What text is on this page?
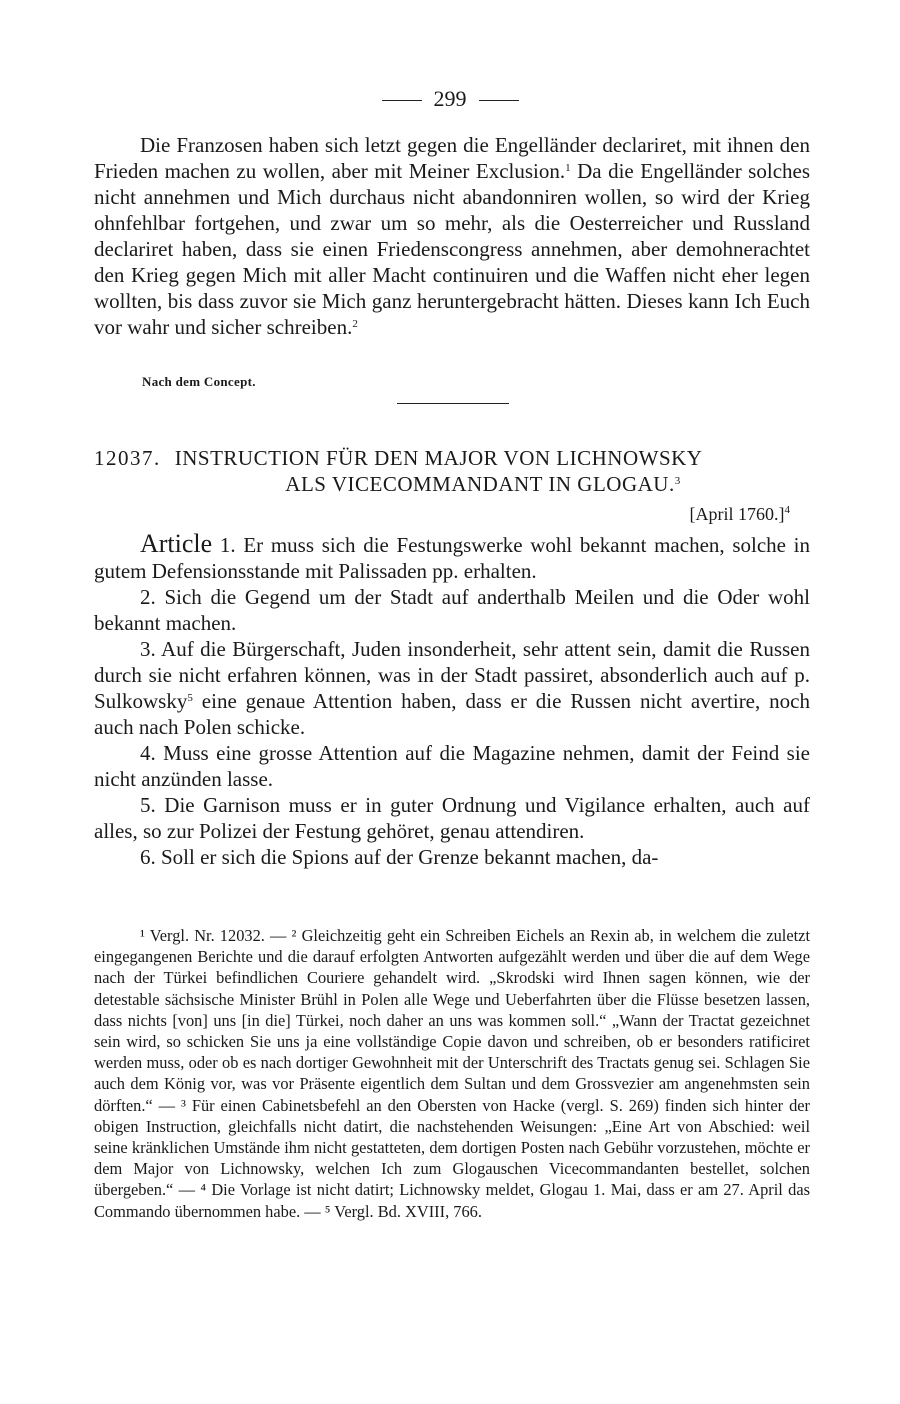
299
Die Franzosen haben sich letzt gegen die Engelländer declariret, mit ihnen den Frieden machen zu wollen, aber mit Meiner Exclusion.$^1$ Da die Engelländer solches nicht annehmen und Mich durchaus nicht abandonniren wollen, so wird der Krieg ohnfehlbar fortgehen, und zwar um so mehr, als die Oesterreicher und Russland declariret haben, dass sie einen Friedenscongress annehmen, aber demohnerachtet den Krieg gegen Mich mit aller Macht continuiren und die Waffen nicht eher legen wollten, bis dass zuvor sie Mich ganz heruntergebracht hätten. Dieses kann Ich Euch vor wahr und sicher schreiben.$^2$
Nach dem Concept.
12037. INSTRUCTION FÜR DEN MAJOR VON LICHNOWSKY
ALS VICECOMMANDANT IN GLOGAU.$^3$
[April 1760.]$^4$

Article 1. Er muss sich die Festungswerke wohl bekannt machen, solche in gutem Defensionsstande mit Palissaden pp. erhalten.

2. Sich die Gegend um der Stadt auf anderthalb Meilen und die Oder wohl bekannt machen.

3. Auf die Bürgerschaft, Juden insonderheit, sehr attent sein, damit die Russen durch sie nicht erfahren können, was in der Stadt passiret, absonderlich auch auf p. Sulkowsky$^5$ eine genaue Attention haben, dass er die Russen nicht avertire, noch auch nach Polen schicke.

4. Muss eine grosse Attention auf die Magazine nehmen, damit der Feind sie nicht anzünden lasse.

5. Die Garnison muss er in guter Ordnung und Vigilance erhalten, auch auf alles, so zur Polizei der Festung gehöret, genau attendiren.

6. Soll er sich die Spions auf der Grenze bekannt machen, da-

¹ Vergl. Nr. 12032. — ² Gleichzeitig geht ein Schreiben Eichels an Rexin ab, in welchem die zuletzt eingegangenen Berichte und die darauf erfolgten Antworten aufgezählt werden und über die auf dem Wege nach der Türkei befindlichen Couriere gehandelt wird. „Skrodski wird Ihnen sagen können, wie der detestable sächsische Minister Brühl in Polen alle Wege und Ueberfahrten über die Flüsse besetzen lassen, dass nichts [von] uns [in die] Türkei, noch daher an uns was kommen soll.“ „Wann der Tractat gezeichnet sein wird, so schicken Sie uns ja eine vollständige Copie davon und schreiben, ob er besonders ratificiret werden muss, oder ob es nach dortiger Gewohnheit mit der Unterschrift des Tractats genug sei. Schlagen Sie auch dem König vor, was vor Präsente eigentlich dem Sultan und dem Grossvezier am angenehmsten sein dörften.“ — ³ Für einen Cabinetsbefehl an den Obersten von Hacke (vergl. S. 269) finden sich hinter der obigen Instruction, gleichfalls nicht datirt, die nachstehenden Weisungen: „Eine Art von Abschied: weil seine kränklichen Umstände ihm nicht gestatteten, dem dortigen Posten nach Gebühr vorzustehen, möchte er dem Major von Lichnowsky, welchen Ich zum Glogauschen Vicecommandanten bestellet, solchen übergeben.“ — ⁴ Die Vorlage ist nicht datirt; Lichnowsky meldet, Glogau 1. Mai, dass er am 27. April das Commando übernommen habe. — ⁵ Vergl. Bd. XVIII, 766.
